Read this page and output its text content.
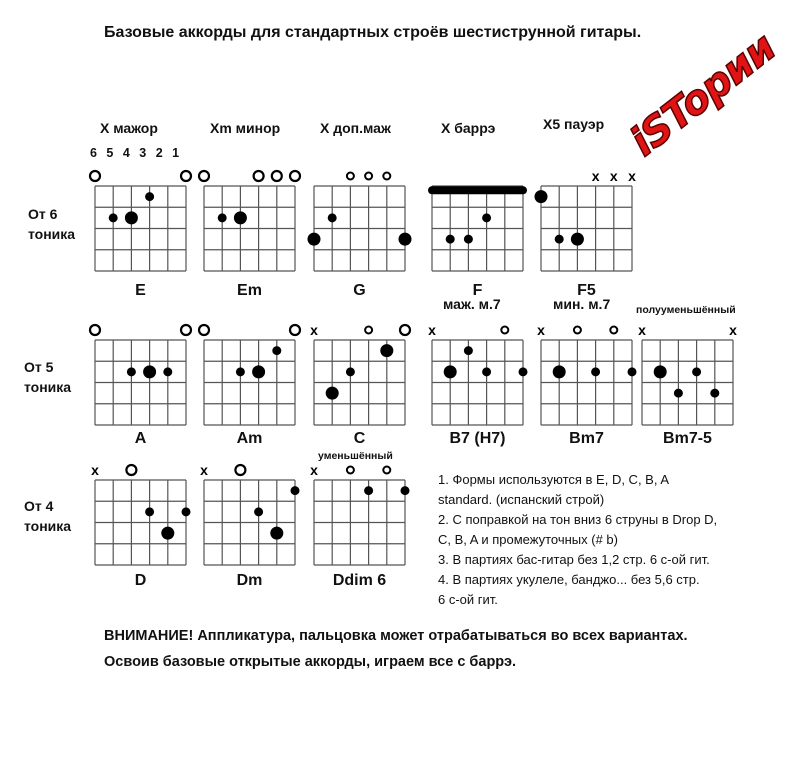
Базовые аккорды для стандартных строёв шестиструнной гитары.
X мажор	Xm минор	X доп.маж	X баррэ	X5 пауэр
6 5 4 3 2 1
От 6
тоника
От 5
тоника
От 4
тоника
маж. м.7	мин. м.7 полууменьшённый
уменьшённый
x x x
x	x	x	x	x
x	x	x
E	Em	G	F	F5
A	Am	C	B7 (H7)	Bm7	Bm7-5
D	Dm	Ddim 6
1. Формы используются в E, D, C, B, A
standard. (испанский строй)
2. С поправкой на тон вниз 6 струны в Drop D,
C, B, A и промежуточных (# b)
3. В партиях бас-гитар без 1,2 стр. 6 с-ой гит.
4. В партиях укулеле, банджо... без 5,6 стр.
6 с-ой гит.
ВНИМАНИЕ! Аппликатура, пальцовка может отрабатываться во всех вариантах.
Освоив базовые открытые аккорды, играем все с баррэ.
iSTopии
